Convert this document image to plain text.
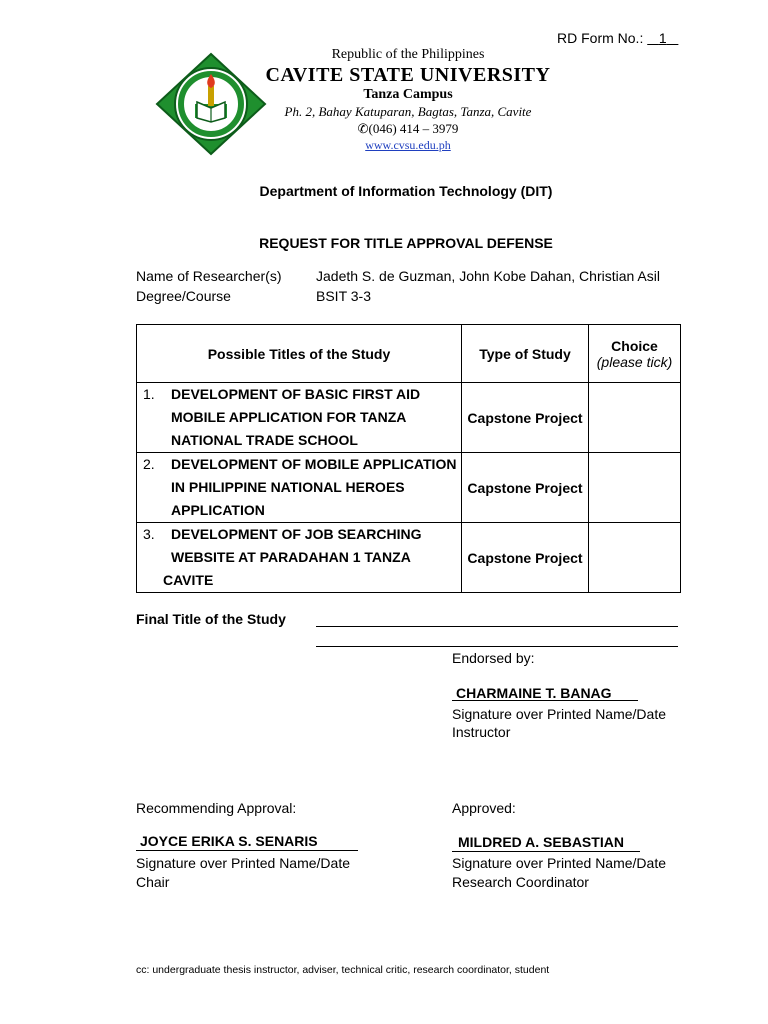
RD Form No.: 1
Republic of the Philippines
CAVITE STATE UNIVERSITY
Tanza Campus
Ph. 2, Bahay Katuparan, Bagtas, Tanza, Cavite
✆(046) 414 – 3979
www.cvsu.edu.ph
Department of Information Technology (DIT)
REQUEST FOR TITLE APPROVAL DEFENSE
Name of Researcher(s) Jadeth S. de Guzman, John Kobe Dahan, Christian Asil
Degree/Course	BSIT 3-3
Possible Titles of the Study	Type of Study	Choice
(please tick)

1. DEVELOPMENT OF BASIC FIRST AID
MOBILE APPLICATION FOR TANZA
NATIONAL TRADE SCHOOL	Capstone Project	

2. DEVELOPMENT OF MOBILE APPLICATION
IN PHILIPPINE NATIONAL HEROES
APPLICATION	Capstone Project	

3. DEVELOPMENT OF JOB SEARCHING
WEBSITE AT PARADAHAN 1 TANZA
CAVITE	Capstone Project	
Final Title of the Study
Endorsed by:
CHARMAINE T. BANAG
Signature over Printed Name/Date
Instructor
Recommending Approval:
JOYCE ERIKA S. SENARIS
Signature over Printed Name/Date
Chair
Approved:
MILDRED A. SEBASTIAN
Signature over Printed Name/Date
Research Coordinator
cc: undergraduate thesis instructor, adviser, technical critic, research coordinator, student
